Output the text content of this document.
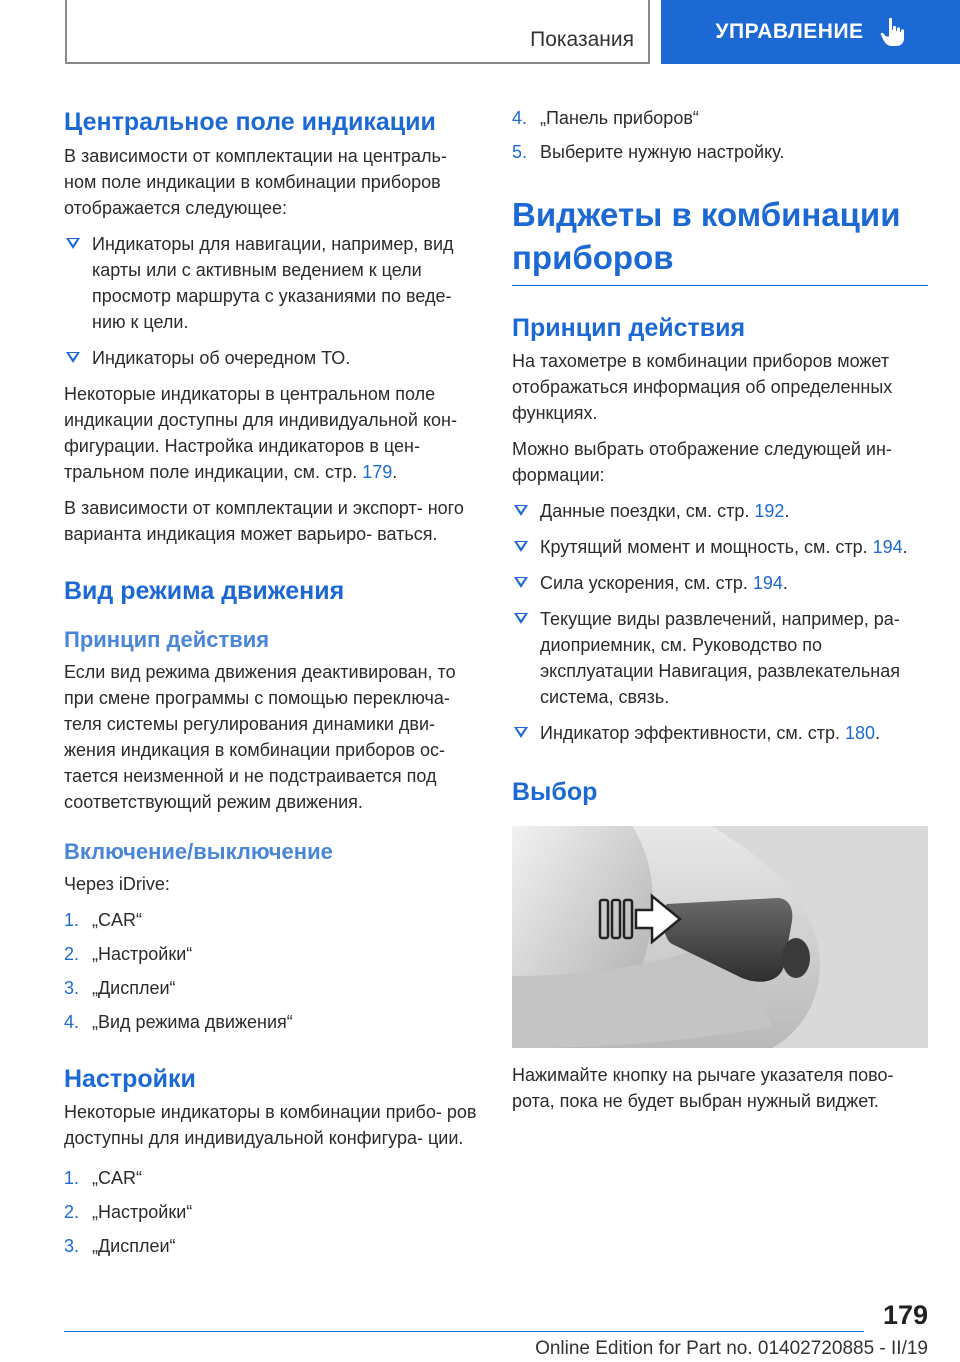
Показания	УПРАВЛЕНИЕ
Центральное поле индикации

В зависимости от комплектации на централь- ном поле индикации в комбинации приборов отображается следующее:

Индикаторы для навигации, например, вид карты или с активным ведением к цели просмотр маршрута с указаниями по веде- нию к цели.
Индикаторы об очередном ТО.

Некоторые индикаторы в центральном поле индикации доступны для индивидуальной кон- фигурации. Настройка индикаторов в цен- тральном поле индикации, см. стр. 179.

В зависимости от комплектации и экспорт- ного варианта индикация может варьиро- ваться.

Вид режима движения
Принцип действия

Если вид режима движения деактивирован, то при смене программы с помощью переключа- теля системы регулирования динамики дви- жения индикация в комбинации приборов ос- тается неизменной и не подстраивается под соответствующий режим движения.

Включение/выключение

Через iDrive:

1. „CAR“
2. „Настройки“
3. „Дисплеи“
4. „Вид режима движения“
Настройки

Некоторые индикаторы в комбинации прибо- ров доступны для индивидуальной конфигура- ции.

1. „CAR“
2. „Настройки“
3. „Дисплеи“
4. „Панель приборов“
5. Выберите нужную настройку.
Виджеты в комбинации приборов
Принцип действия

На тахометре в комбинации приборов может отображаться информация об определенных функциях.

Можно выбрать отображение следующей ин- формации:

Данные поездки, см. стр. 192.
Крутящий момент и мощность, см. стр. 194.
Сила ускорения, см. стр. 194.
Текущие виды развлечений, например, ра- диоприемник, см. Руководство по эксплуатации Навигация, развлекательная система, связь.
Индикатор эффективности, см. стр. 180.
Выбор

Нажимайте кнопку на рычаге указателя пово- рота, пока не будет выбран нужный виджет.

179
Online Edition for Part no. 01402720885 - II/19
